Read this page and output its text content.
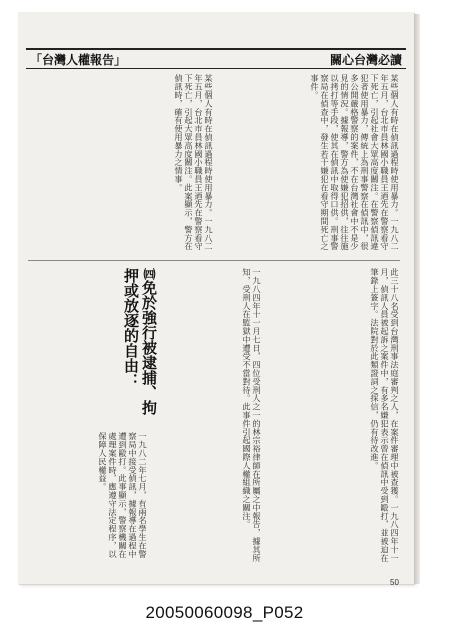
「台灣人權報告」	關心台灣必讀
某些個人有時在偵訊過程時使用暴力。一九八二年五月，台北市員林國小職員王迺先在警察看守下死亡，引起社會大眾高度關注。在警察偵訊違犯者使用暴力，傳統上為刑事警察在偵訊中，很多公開嚴格警察的案件，不在台灣社會中不是少見的情況。據報導，警方為使嫌犯招供，往往施以拷打等手段，使其在偵訊中取得口供。刑事警察局在偵查中，發生若干嫌犯在看守期間死亡之事件。
某些個人有時在偵訊過程時使用暴力。一九八二年五月，台北市員林國小職員王迺先在警察看守下死亡，引起大眾高度關注。此案顯示，警方在偵訊時，確有使用暴力之情事。
此三十八名受到台灣刑事法庭審判之人，在案件審理中被查獲。一九八四年十一月，偵訊人員被起訴之案件中，有多名嫌犯表示曾在偵訊中受到毆打，並被迫在筆錄上簽字。法院對於此類證詞之採信，仍有待改進。
一九八四年十一月七日，四位受刑人之一的林宗裕律師在所屬之中報告，據其所知，受刑人在監獄中遭受不當對待。此事件引起國際人權組織之關注。
㈣免於強行被逮捕、拘押或放逐的自由：
一九八二年七月，有兩名學生在警察局中接受偵訊，據報導在過程中遭到毆打。此事顯示，警察機關在處理案件時，應遵守法定程序，以保障人民權益。
50
20050060098_P052
